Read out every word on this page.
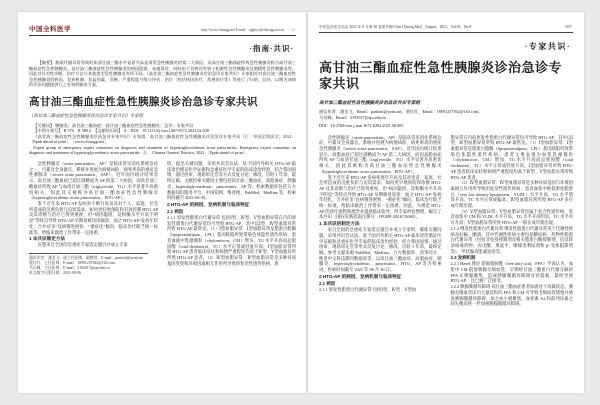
中国全科医学	http://www.chinagp.net E-mail：zgqkyx@chinagp.net.cn · 1 ·
·指南·共识·

【摘要】 脂质代谢异常导致的血清甘油三酯水平显著升高是诱发急性胰腺炎的第二大原因，而高甘油三酯血症所致急性胰腺炎称为高甘油三酯血症性急性胰腺炎。高甘油三酯血症性急性胰腺炎的病因隐匿、易被误诊，同时由于其病因有别于胆源性急性胰腺炎及酒精性急性胰腺炎等，因此其针对性诊断、治疗方法与其他类型急性胰腺炎有所不同。《高甘油三酯血症性急性胰腺炎诊治急诊专家共识》专家组针对高甘油三酯血症性急性胰腺炎的病因、发病机制、危险因素、诊断、严重程度分级与评估、治疗（包括病因治疗、常规治疗等）等进行了归纳、总结，以期为该病的诊治问题提供行之有效的解决方案。

高甘油三酯血症性急性胰腺炎诊治急诊专家共识
《高甘油三酯血症性急性胰腺炎诊治急诊专家共识》专家组

【关键词】 胰腺炎；高甘油三酯血症；高甘油三酯血症性急性胰腺炎；急诊；专家共识

【中图分类号】 R 576　R 589.2　【文献标识码】 A　DOI：10.12114/j.issn.1007-9572.2021.02.028

《高甘油三酯血症性急性胰腺炎诊治急诊专家共识》专家组．高甘油三酯血症性急性胰腺炎诊治急诊专家共识［J］．中国全科医学，2021．［Epub ahead of print］．［www.chinagp.net］

Expert group of emergency expert consensus on diagnosis and treatment of hypertriglyceridemic acute pancreatitis. Emergency expert consensus on diagnosis and treatment of hypertriglyceridemic acute pancreatitis［J］. Chinese General Practice, 2021.［Epub ahead of print］.

急性胰腺炎（acute pancreatitis，AP）是临床常见消化系统急症之一，可累及全身器官、系统并进展为病情凶险、病死率高的重症急性胰腺炎（severe acute pancreatitis，SAP）。近年国内统计结果显示，高甘油三酯血症已超过酒精成为 AP 的第二大病因，而高甘油三酯血症所致 AP 与血清甘油三酯（triglyceride，TG）水平显著升高密切相关，因此其又被称为高甘油三酯血症性急性胰腺炎（hypertriglyceridemic acute pancreatitis，HTG-AP）。

鉴于近年来 HTG-AP 发病率不断升高及其对个人、家庭、社会所造成的沉重负担与迫切需求，如何更好地预防和有效控制 HTG-AP 及其诊断与治疗已得到重视，但“病因隐匿、淀粉酶水平升高不明显”等特点导致 HTG-AP 早期易被误诊漏诊，加之 HTG-AP“发病年轻化、合并症多”及病情进展快、“重症化”倾向，临床治疗缺乏统一标准等，给临床救治工作带来一定困难。

1 本共识制定方法

应邀来自全国的急重症专家选定题目并成立专家

通讯作者：潘龙飞，副主任医师，副教授；E-mail：panlonf@yeah.net

裴红红，主任医师；E-mail：18991237562@163.com

马岳峰，主任医师；E-mail：2193017@zju.edu.cn

本文数字出版日期：2021-08-06

组，提出关键问题、采用共识会议法，基于国内外相关 HTG-AP 临床诊治循证医学证据和急重症医学专家的临床诊治经验，结合我国国情，通过函审、现场审定会等方式反复讨论、修改，历时 1 年余，最终定稿。文献检索关键词主要包括高甘油三酯血症、高脂血症、胰腺炎、hypertriglyceridemic、pancreatitis、AP 等，检索数据库包括万方数据知识服务平台、中国知网、维普网、PubMed、Medline 等，检索时间截至 2021-06-30。

2 HTG-AP 的病因、发病机制与临床特征
2.1 病因

2.1.1 原发性脂蛋白代谢异常 包括Ⅰ型、Ⅳ型、Ⅴ型血脂异常在内的原发性脂蛋白代谢异常均可导致 HTG-AP，其中以Ⅰ型、Ⅳ型血脂异常所致 HTG-AP 最常见。（1）Ⅰ型血脂异常：Ⅰ型血脂异常是脂蛋白脂酶（lipoproteinlipase，LPL）基因缺陷所致常染色体隐性遗传疾病，患者血液中乳糜微粒（chylomicron，CM）增多、TG 水平升高而总胆固醇（total cholesterol，TC）水平正常或轻度升高；Ⅰ型血脂异常所致 HTG-AP 患者临床症状和病情严重程度均高于Ⅳ型、Ⅴ型血脂异常所致 HTG-AP 患者。（2）Ⅳ型血脂异常：Ⅳ型血脂异常是多种异质基因突变和环境因素相互作用所导致的复杂性遗传疾病，患

中华急诊医学杂志 2021 年 8 月第 30 卷第 8 期 Chin J Emerg Med，August，2021，Vol.30，No.8	·937·
·专家共识·
高甘油三酯血症性急性胰腺炎诊治急诊专家共识
高甘油三酯血症性急性胰腺炎诊治急诊共识专家组

通信作者：潘龙飞，Email：panlonf@yeah.net；裴红红，Email：18991237562@163.com；

马岳峰，Email：2193017@zju.edu.cn

DOI：10.3760/cma.j.issn.1671-0282.2021.08.005

急性胰腺炎（acute pancreatitis，AP）是临床常见消化系统急症，可累及全身器官、系统并进展为病情凶险、病死率高的重症急性胰腺炎（severe acute pancreatitis，SAP）。近年国内统计结果显示，高脂血症已超过酒精成为 AP 第二大病因，而因高脂血症所致 AP 与血清甘油三酯（triglyceride，TG）水平显著升高密切相关，因此其被称为高甘油三酯血症性急性胰腺炎（hypertriglyceridemic acute pancreatitis，HTG-AP）。

鉴于近年来 HTG-AP 发病率逐年升高及其对患者、家庭、社会所造成的沉重负担与迫切需求，如何更早地预防和诊断 HTG-AP 及其诊断与治疗已得到重视，但“病因隐匿、淀粉酶水平升高不明显”等特点导致 HTG-AP 早期极易误诊，加之 HTG-AP“发病年轻化、合并症多”且病情进展快、“重症化”倾向，临床治疗缺乏统一标准，给临床救治工作带来一定困难。因此，为规范 HTG-AP 的诊疗流程和理念并提供临床指导，经专家经验整理，编写了本共识（国际实践指南注册号：IPGRP-2021CN080）。

1 本共识的制定方法

来自全国的急重症专家选定题目并成立专家组，凝炼关键问题，采用共识会议法，基于国内外相关 HTG-AP 临床诊治循证医学证据和急重症医学专家的临床诊治经验，结合我国国情，通过函审、现场审定会等形式反复讨论、修改，历时 1 年余，最终定稿。参考文献来源 PubMed、Medline、万方数据库、清华同方、维普中文科技期刊数据库等，以高甘油三酯血症、高脂血症、胰腺炎、hypertriglyceridemic、pancreatitis、HTG、AP 等为检索词，检索时间截至 2021 年 06 月 30 日。

2 HTG-AP 的病因、发病机制与临床特征
2.1 病因

2.1.1 原发性脂蛋白代谢异常 包括Ⅰ型、Ⅳ型、Ⅴ型血

脂异常在内的原发性脂蛋白代谢异常均可导致 HTG-AP，其中以Ⅰ型、Ⅳ型血脂异常所致 HTG-AP 最常见。（1）Ⅰ型血脂异常：Ⅰ型血脂异常是脂蛋白脂酶（lipoproteinlipase，LPL）基因缺陷所致常染色体隐性遗传疾病，患者主要表现为血浆乳糜微粒（chylomicron，CM）增加，TG 水平升高而总胆固醇（total cholesterol，TC）水平正常或轻度升高，Ⅰ型血脂异常所致 HTG-AP 患者临床症状和病情严重程度均高于Ⅳ型、Ⅴ型血脂异常所致 HTG-AP 患者。

（2）Ⅳ型血脂异常：Ⅳ型血脂异常是多种异质基因与环境因素相互作用所导致的复杂性遗传疾病，患者血浆中极低密度脂蛋白（very low density lipoprotein，VLDL）水平升高、TG 水平明显升高、TC 水平正常或偏高；Ⅳ型血脂异常所致 HTG-AP 多在成年期出现。

（3）Ⅴ型血脂异常：Ⅴ型血脂异常也属于复合性遗传病，患者血浆中 CM 和 VLDL 水平升高，TG 水平升高明显，TC 水平亦可升高；Ⅴ型血脂异常所致 HTG-AP 一般在成年期出现。

2.1.2 继发性脂蛋白代谢异常 继发性脂蛋白代谢异常见于代谢性疾病及妊娠、酗酒，其中代谢性疾病主要包括糖尿病、药物性脂蛋白代谢异常（包括非免疫抑制剂及相关脂蛋白酶抑制剂、抗反转录病毒药物、丙戊酸、奥氮平、噻嗪类利尿剂和 β- 受体阻滞剂等）、甲状腺功能减退症等。

2.2 发病机制

2.2.1 Havel 理论 游离脂肪酸（free fatty acid，FFA）学说认为，血浆中 CM 阻塞胰腺毛细血管，早期经甘油三酯蛋白代谢分解的 FFA 在胰腺聚集，造成胰腺微循环障碍及钙超载，最终导致 HTG-AP，且已被广泛接受。

2.2.2 胰腺微循环障碍 高甘油三酯血症患者血液处于高凝状态，胰腺毛细血管床内大量沉积的 FFA 和 CM 可导致毛细血管堵塞并诱发胰腺微循环障碍，加之血小板聚集，血栓素 A2 和前列环素之间失衡而进一步加重胰腺微循环障碍。
